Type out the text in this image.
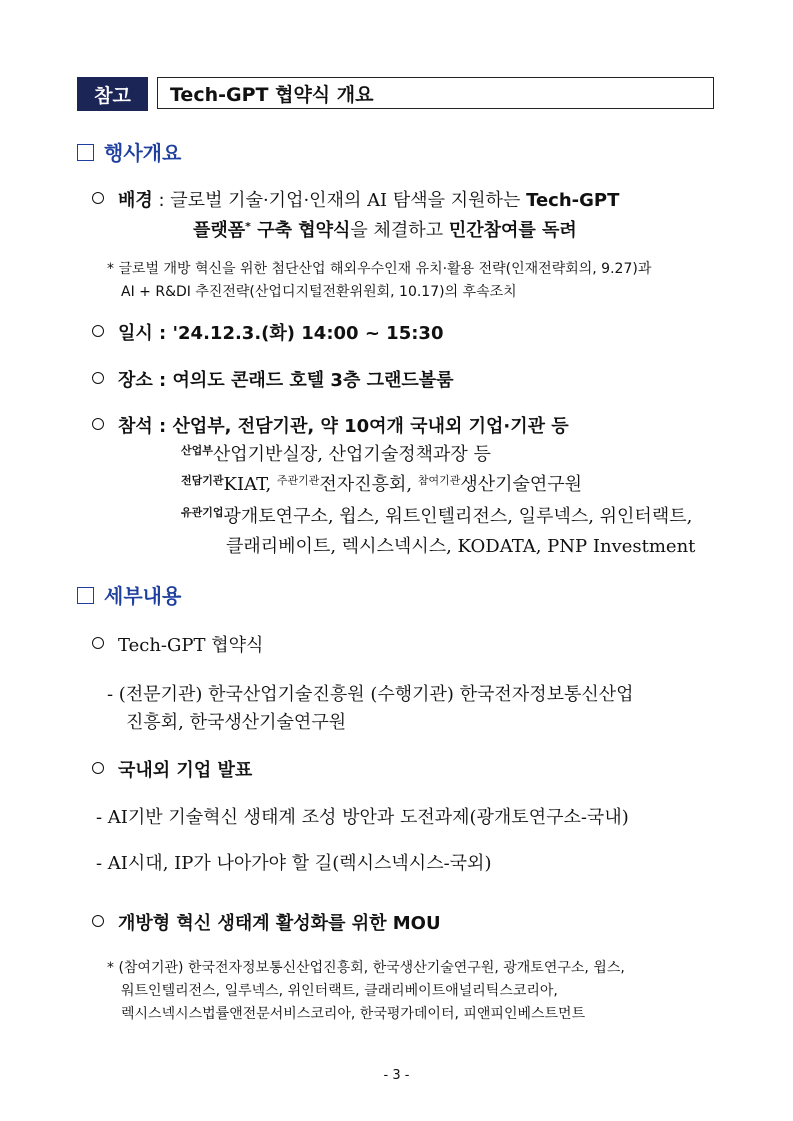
참고	Tech-GPT 협약식 개요
행사개요
배경 : 글로벌 기술·기업·인재의 AI 탐색을 지원하는 Tech-GPT
플랫폼* 구축 협약식을 체결하고 민간참여를 독려
* 글로벌 개방 혁신을 위한 첨단산업 해외우수인재 유치·활용 전략(인재전략회의, 9.27)과
AI + R&DI 추진전략(산업디지털전환위원회, 10.17)의 후속조치
일시 : '24.12.3.(화) 14:00 ~ 15:30
장소 : 여의도 콘래드 호텔 3층 그랜드볼룸
참석 : 산업부, 전담기관, 약 10여개 국내외 기업·기관 등
$^{산업부}$산업기반실장, 산업기술정책과장 등
$^{전담기관}$KIAT, $^{주관기관}$전자진흥회, $^{참여기관}$생산기술연구원
$^{유관기업}$광개토연구소, 윕스, 워트인텔리전스, 일루넥스, 위인터랙트,
클래리베이트, 렉시스넥시스, KODATA, PNP Investment
세부내용
Tech-GPT 협약식
- (전문기관) 한국산업기술진흥원 (수행기관) 한국전자정보통신산업
진흥회, 한국생산기술연구원
국내외 기업 발표
- AI기반 기술혁신 생태계 조성 방안과 도전과제(광개토연구소-국내)
- AI시대, IP가 나아가야 할 길(렉시스넥시스-국외)
개방형 혁신 생태계 활성화를 위한 MOU
* (참여기관) 한국전자정보통신산업진흥회, 한국생산기술연구원, 광개토연구소, 윕스,
워트인텔리전스, 일루넥스, 위인터랙트, 클래리베이트애널리틱스코리아,
렉시스넥시스법률앤전문서비스코리아, 한국평가데이터, 피앤피인베스트먼트
- 3 -
